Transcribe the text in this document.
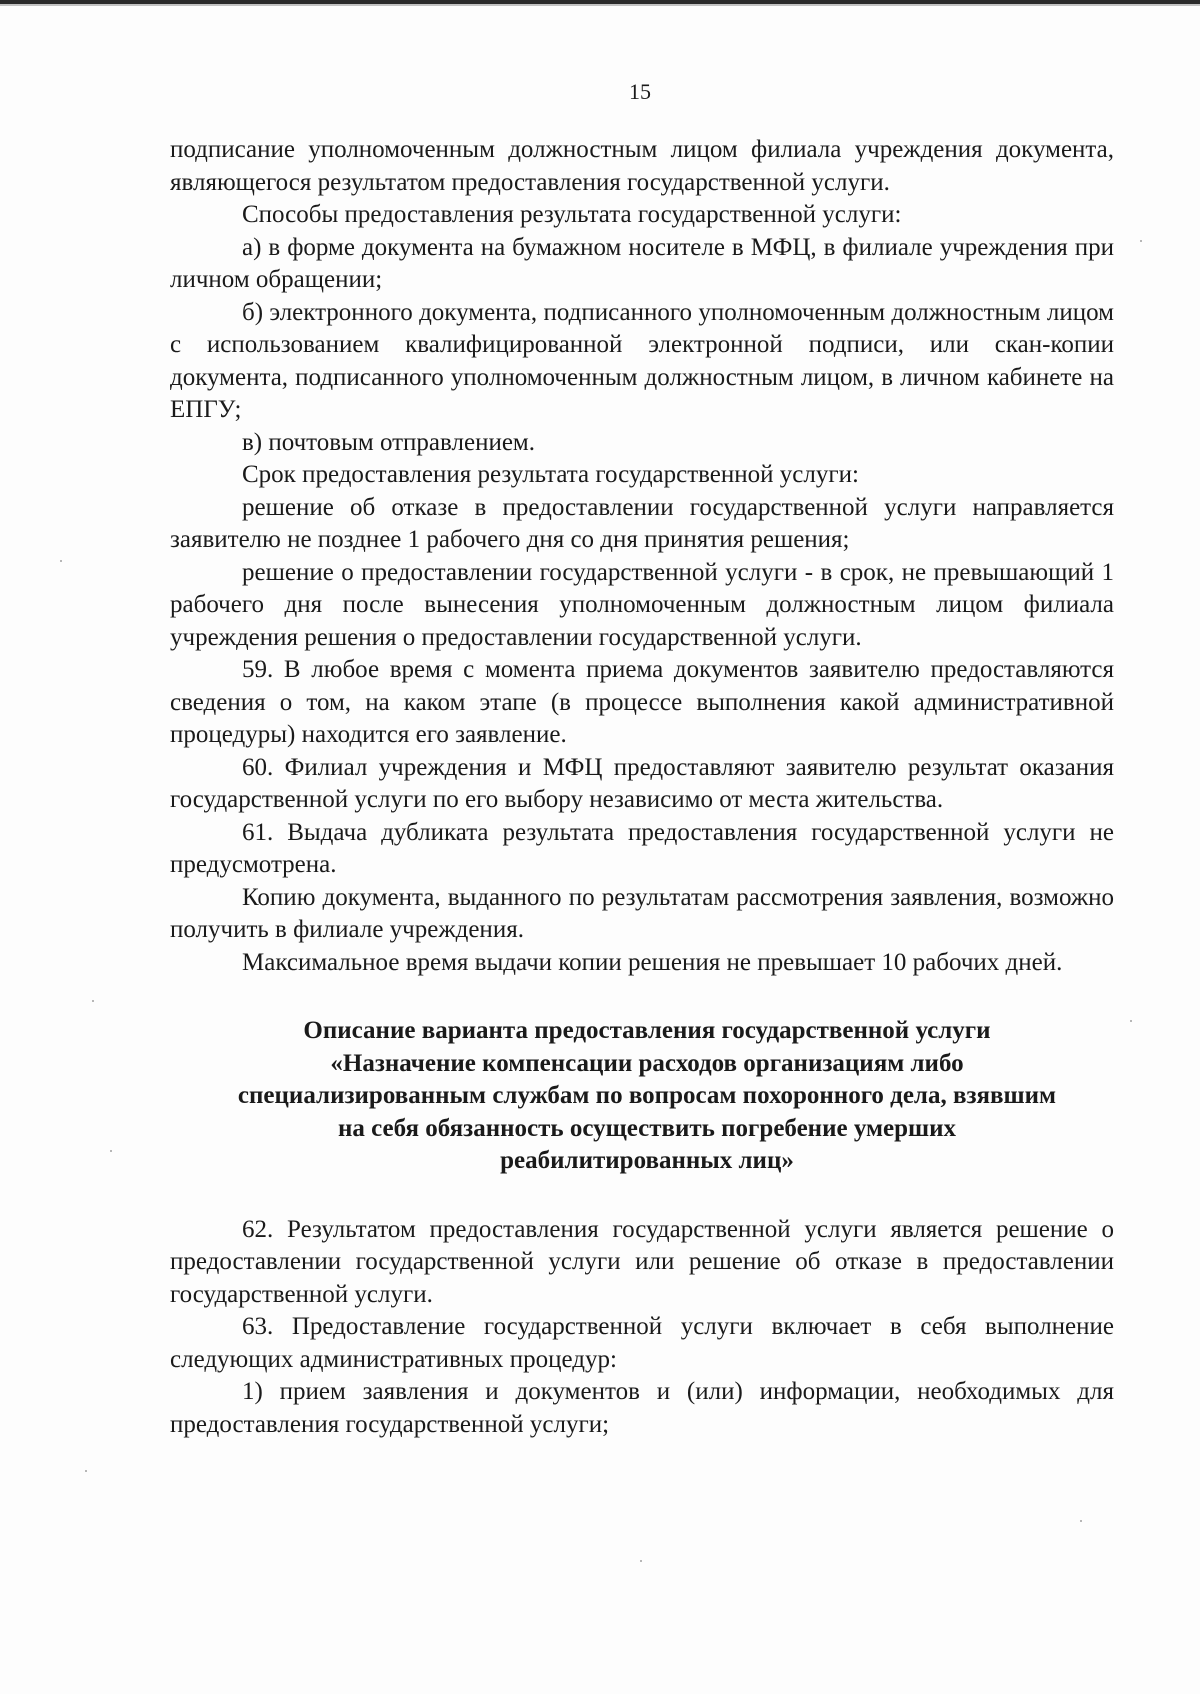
15

подписание уполномоченным должностным лицом филиала учреждения документа, являющегося результатом предоставления государственной услуги.

Способы предоставления результата государственной услуги:

а) в форме документа на бумажном носителе в МФЦ, в филиале учреждения при личном обращении;

б) электронного документа, подписанного уполномоченным должностным лицом с использованием квалифицированной электронной подписи, или скан-копии документа, подписанного уполномоченным должностным лицом, в личном кабинете на ЕПГУ;

в) почтовым отправлением.

Срок предоставления результата государственной услуги:

решение об отказе в предоставлении государственной услуги направляется заявителю не позднее 1 рабочего дня со дня принятия решения;

решение о предоставлении государственной услуги - в срок, не превышающий 1 рабочего дня после вынесения уполномоченным должностным лицом филиала учреждения решения о предоставлении государственной услуги.

59. В любое время с момента приема документов заявителю предоставляются сведения о том, на каком этапе (в процессе выполнения какой административной процедуры) находится его заявление.

60. Филиал учреждения и МФЦ предоставляют заявителю результат оказания государственной услуги по его выбору независимо от места жительства.

61. Выдача дубликата результата предоставления государственной услуги не предусмотрена.

Копию документа, выданного по результатам рассмотрения заявления, возможно получить в филиале учреждения.

Максимальное время выдачи копии решения не превышает 10 рабочих дней.

Описание варианта предоставления государственной услуги

«Назначение компенсации расходов организациям либо

специализированным службам по вопросам похоронного дела, взявшим

на себя обязанность осуществить погребение умерших

реабилитированных лиц»

62. Результатом предоставления государственной услуги является решение о предоставлении государственной услуги или решение об отказе в предоставлении государственной услуги.

63. Предоставление государственной услуги включает в себя выполнение следующих административных процедур:

1) прием заявления и документов и (или) информации, необходимых для предоставления государственной услуги;
